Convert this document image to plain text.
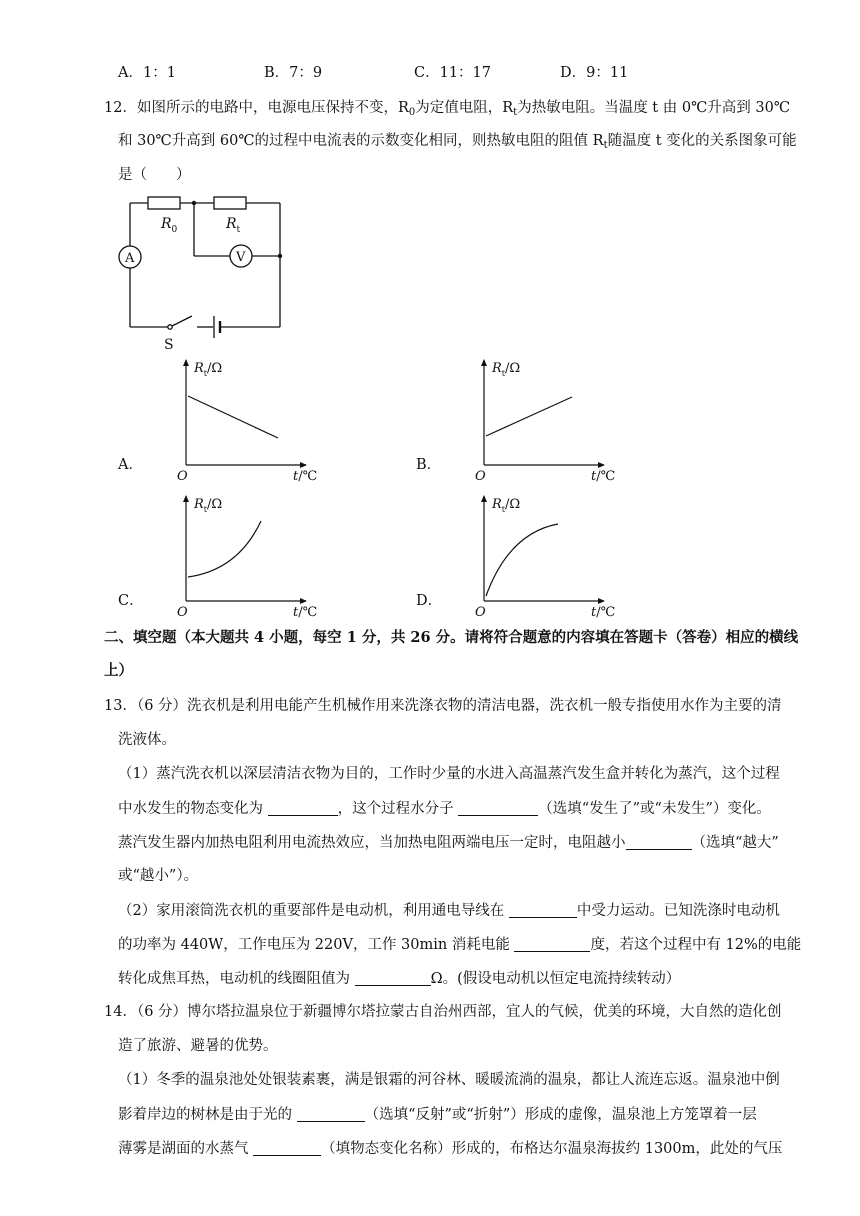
A．1：1	B．7：9	C．11：17	D．9：11
12．如图所示的电路中，电源电压保持不变，$R_0$为定值电阻，$R_t$为热敏电阻。当温度 t 由 0℃升高到 30℃
和 30℃升高到 60℃的过程中电流表的示数变化相同，则热敏电阻的阻值 $R_t$随温度 t 变化的关系图象可能
是（　　）
$R_0$	$R_t$
A	V
S
A．
$R_t/\Omega$
O	t/℃
B．
$R_t/\Omega$
O	t/℃
C．
$R_t/\Omega$
O	t/℃
D．
$R_t/\Omega$
O	t/℃
二、填空题（本大题共 4 小题，每空 1 分，共 26 分。请将符合题意的内容填在答题卡（答卷）相应的横线
上）
13．（6 分）洗衣机是利用电能产生机械作用来洗涤衣物的清洁电器，洗衣机一般专指使用水作为主要的清
洗液体。
（1）蒸汽洗衣机以深层清洁衣物为目的，工作时少量的水进入高温蒸汽发生盒并转化为蒸汽，这个过程
中水发生的物态变化为	，这个过程水分子	（选填“发生了”或“未发生”）变化。
蒸汽发生器内加热电阻利用电流热效应，当加热电阻两端电压一定时，电阻越小	（选填“越大”
或“越小”）。
（2）家用滚筒洗衣机的重要部件是电动机，利用通电导线在	中受力运动。已知洗涤时电动机
的功率为 440W，工作电压为 220V，工作 30min 消耗电能	度，若这个过程中有 12%的电能
转化成焦耳热，电动机的线圈阻值为	Ω。(假设电动机以恒定电流持续转动）
14．（6 分）博尔塔拉温泉位于新疆博尔塔拉蒙古自治州西部，宜人的气候，优美的环境，大自然的造化创
造了旅游、避暑的优势。
（1）冬季的温泉池处处银装素裹，满是银霜的河谷林、暖暖流淌的温泉，都让人流连忘返。温泉池中倒
影着岸边的树林是由于光的	（选填“反射”或“折射”）形成的虚像，温泉池上方笼罩着一层
薄雾是湖面的水蒸气	（填物态变化名称）形成的，布格达尔温泉海拔约 1300m，此处的气压
